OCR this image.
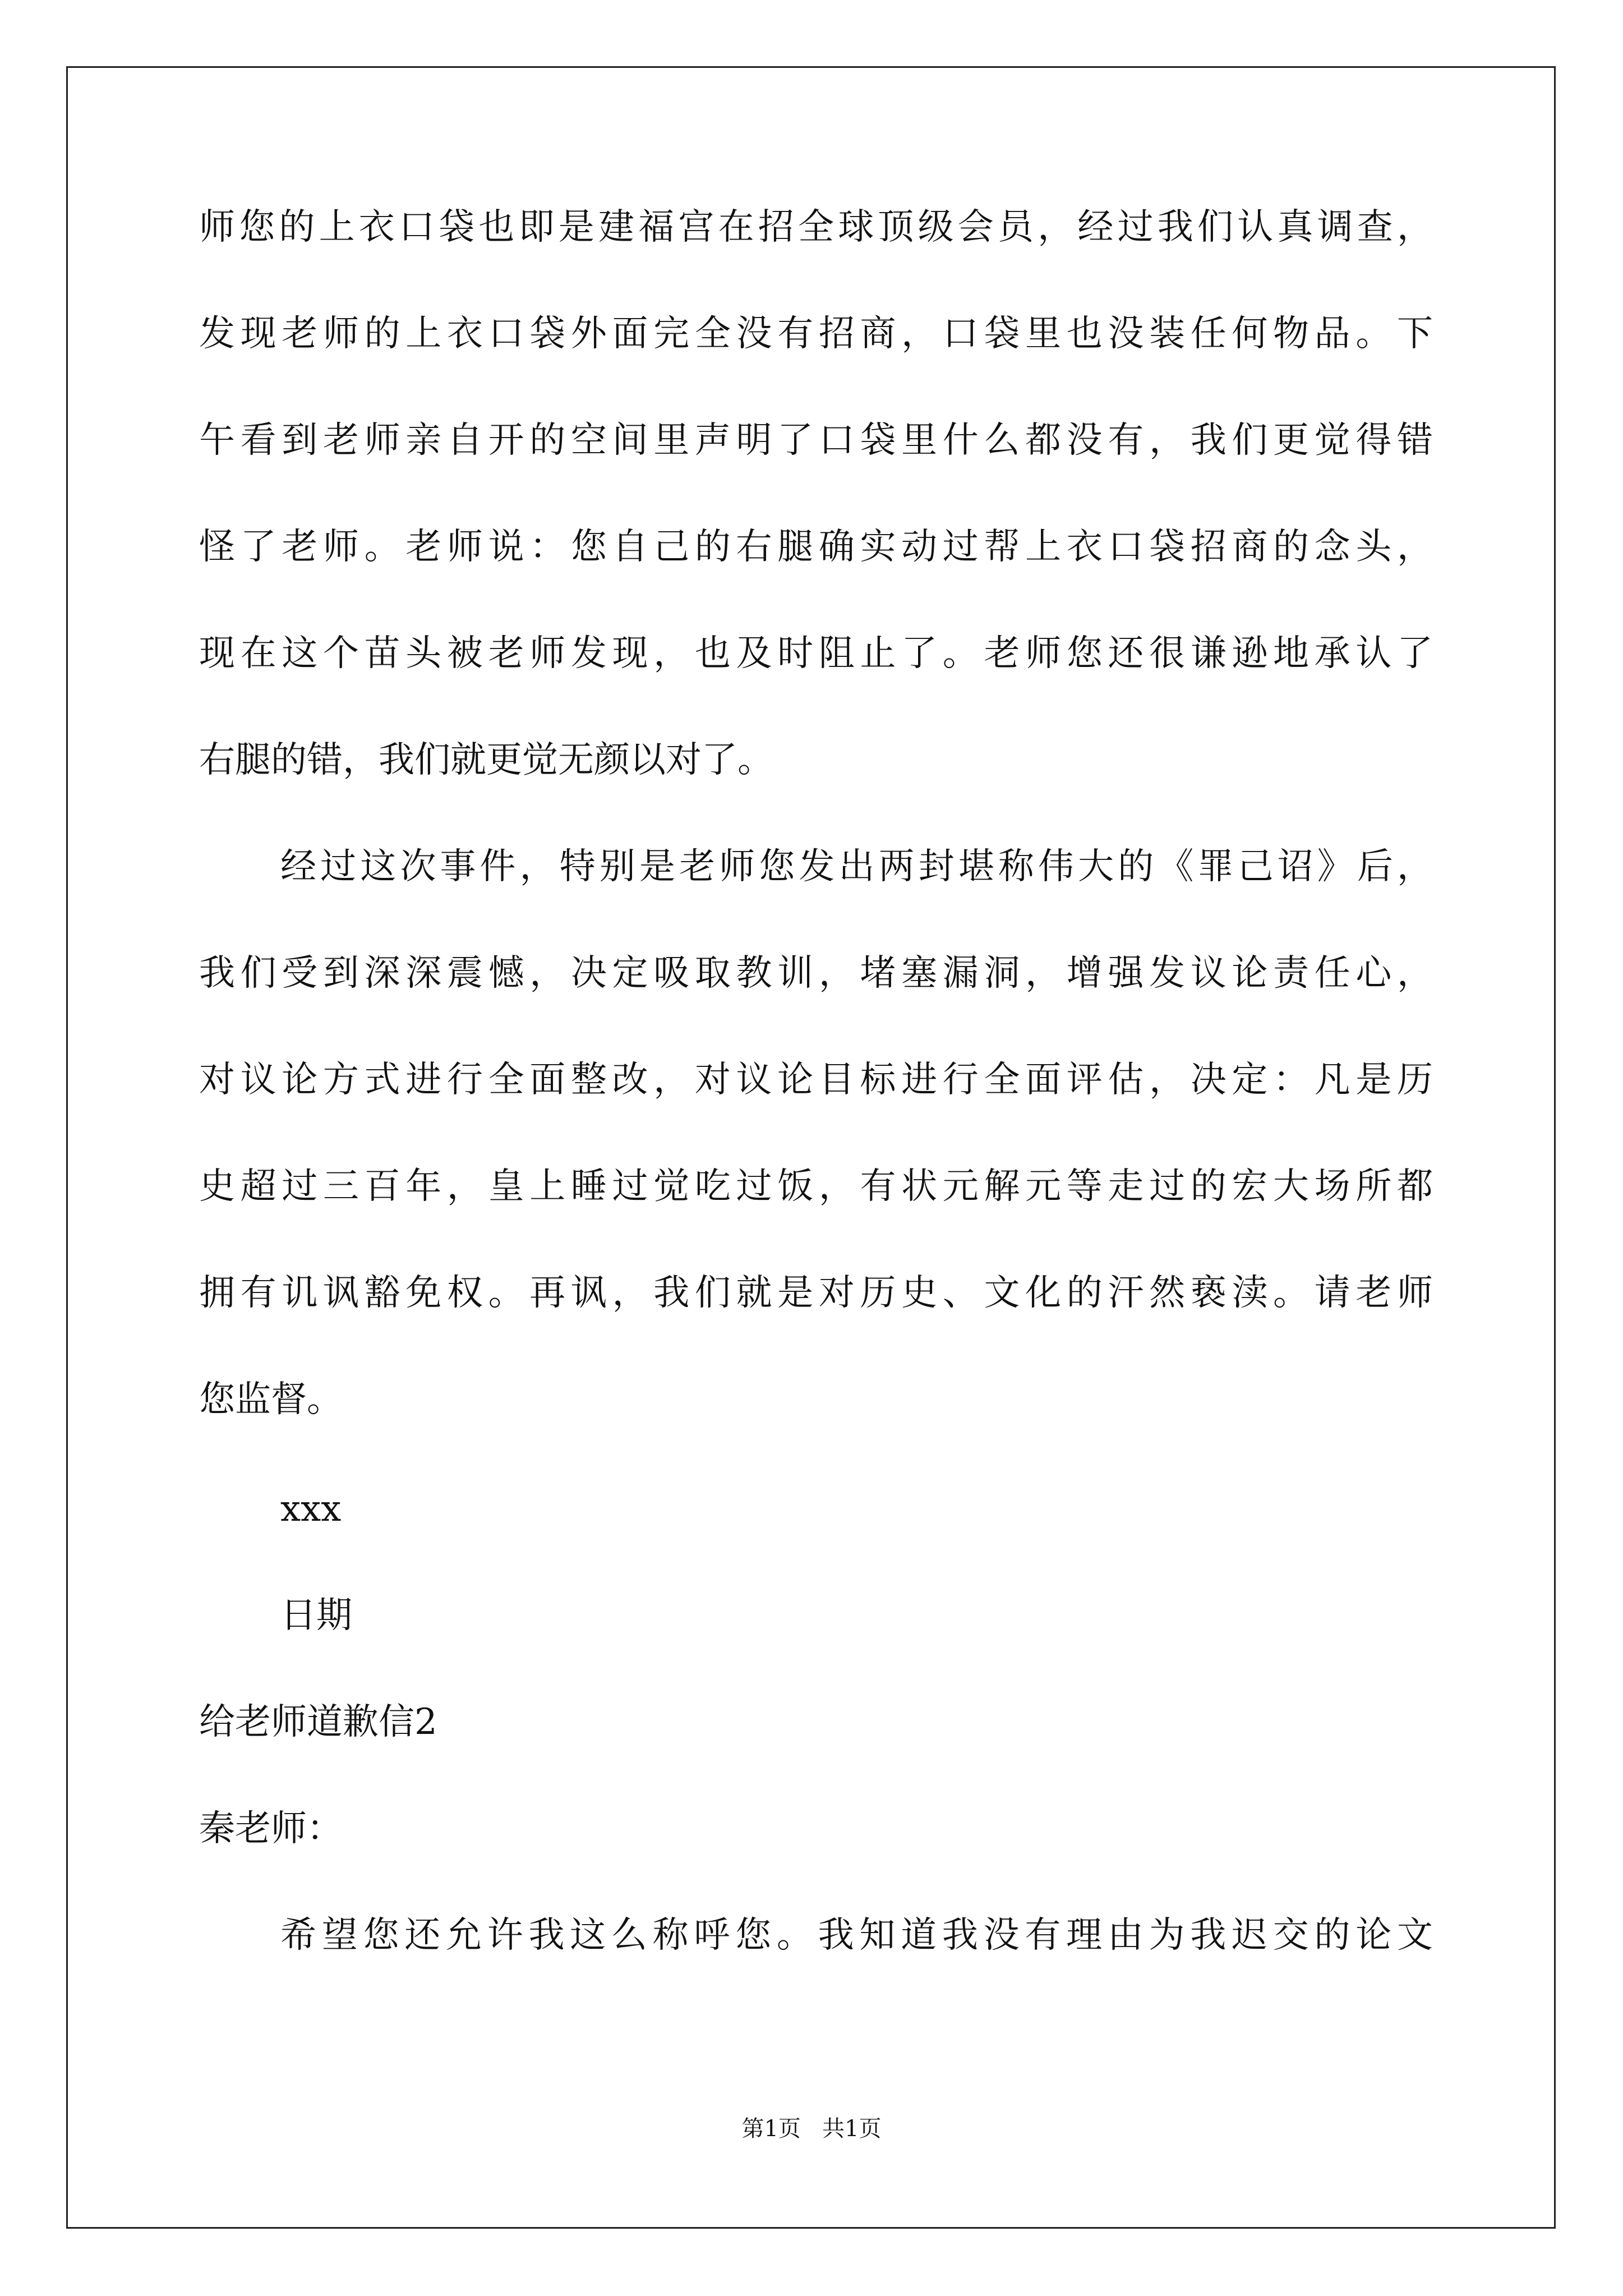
师您的上衣口袋也即是建福宫在招全球顶级会员，经过我们认真调查，
发现老师的上衣口袋外面完全没有招商，口袋里也没装任何物品。下
午看到老师亲自开的空间里声明了口袋里什么都没有，我们更觉得错
怪了老师。老师说：您自己的右腿确实动过帮上衣口袋招商的念头，
现在这个苗头被老师发现，也及时阻止了。老师您还很谦逊地承认了
右腿的错，我们就更觉无颜以对了。
经过这次事件，特别是老师您发出两封堪称伟大的《罪己诏》后，
我们受到深深震憾，决定吸取教训，堵塞漏洞，增强发议论责任心，
对议论方式进行全面整改，对议论目标进行全面评估，决定：凡是历
史超过三百年，皇上睡过觉吃过饭，有状元解元等走过的宏大场所都
拥有讥讽豁免权。再讽，我们就是对历史、文化的汗然亵渎。请老师
您监督。
xxx
日期
给老师道歉信2
秦老师：
希望您还允许我这么称呼您。我知道我没有理由为我迟交的论文
第1页   共1页
